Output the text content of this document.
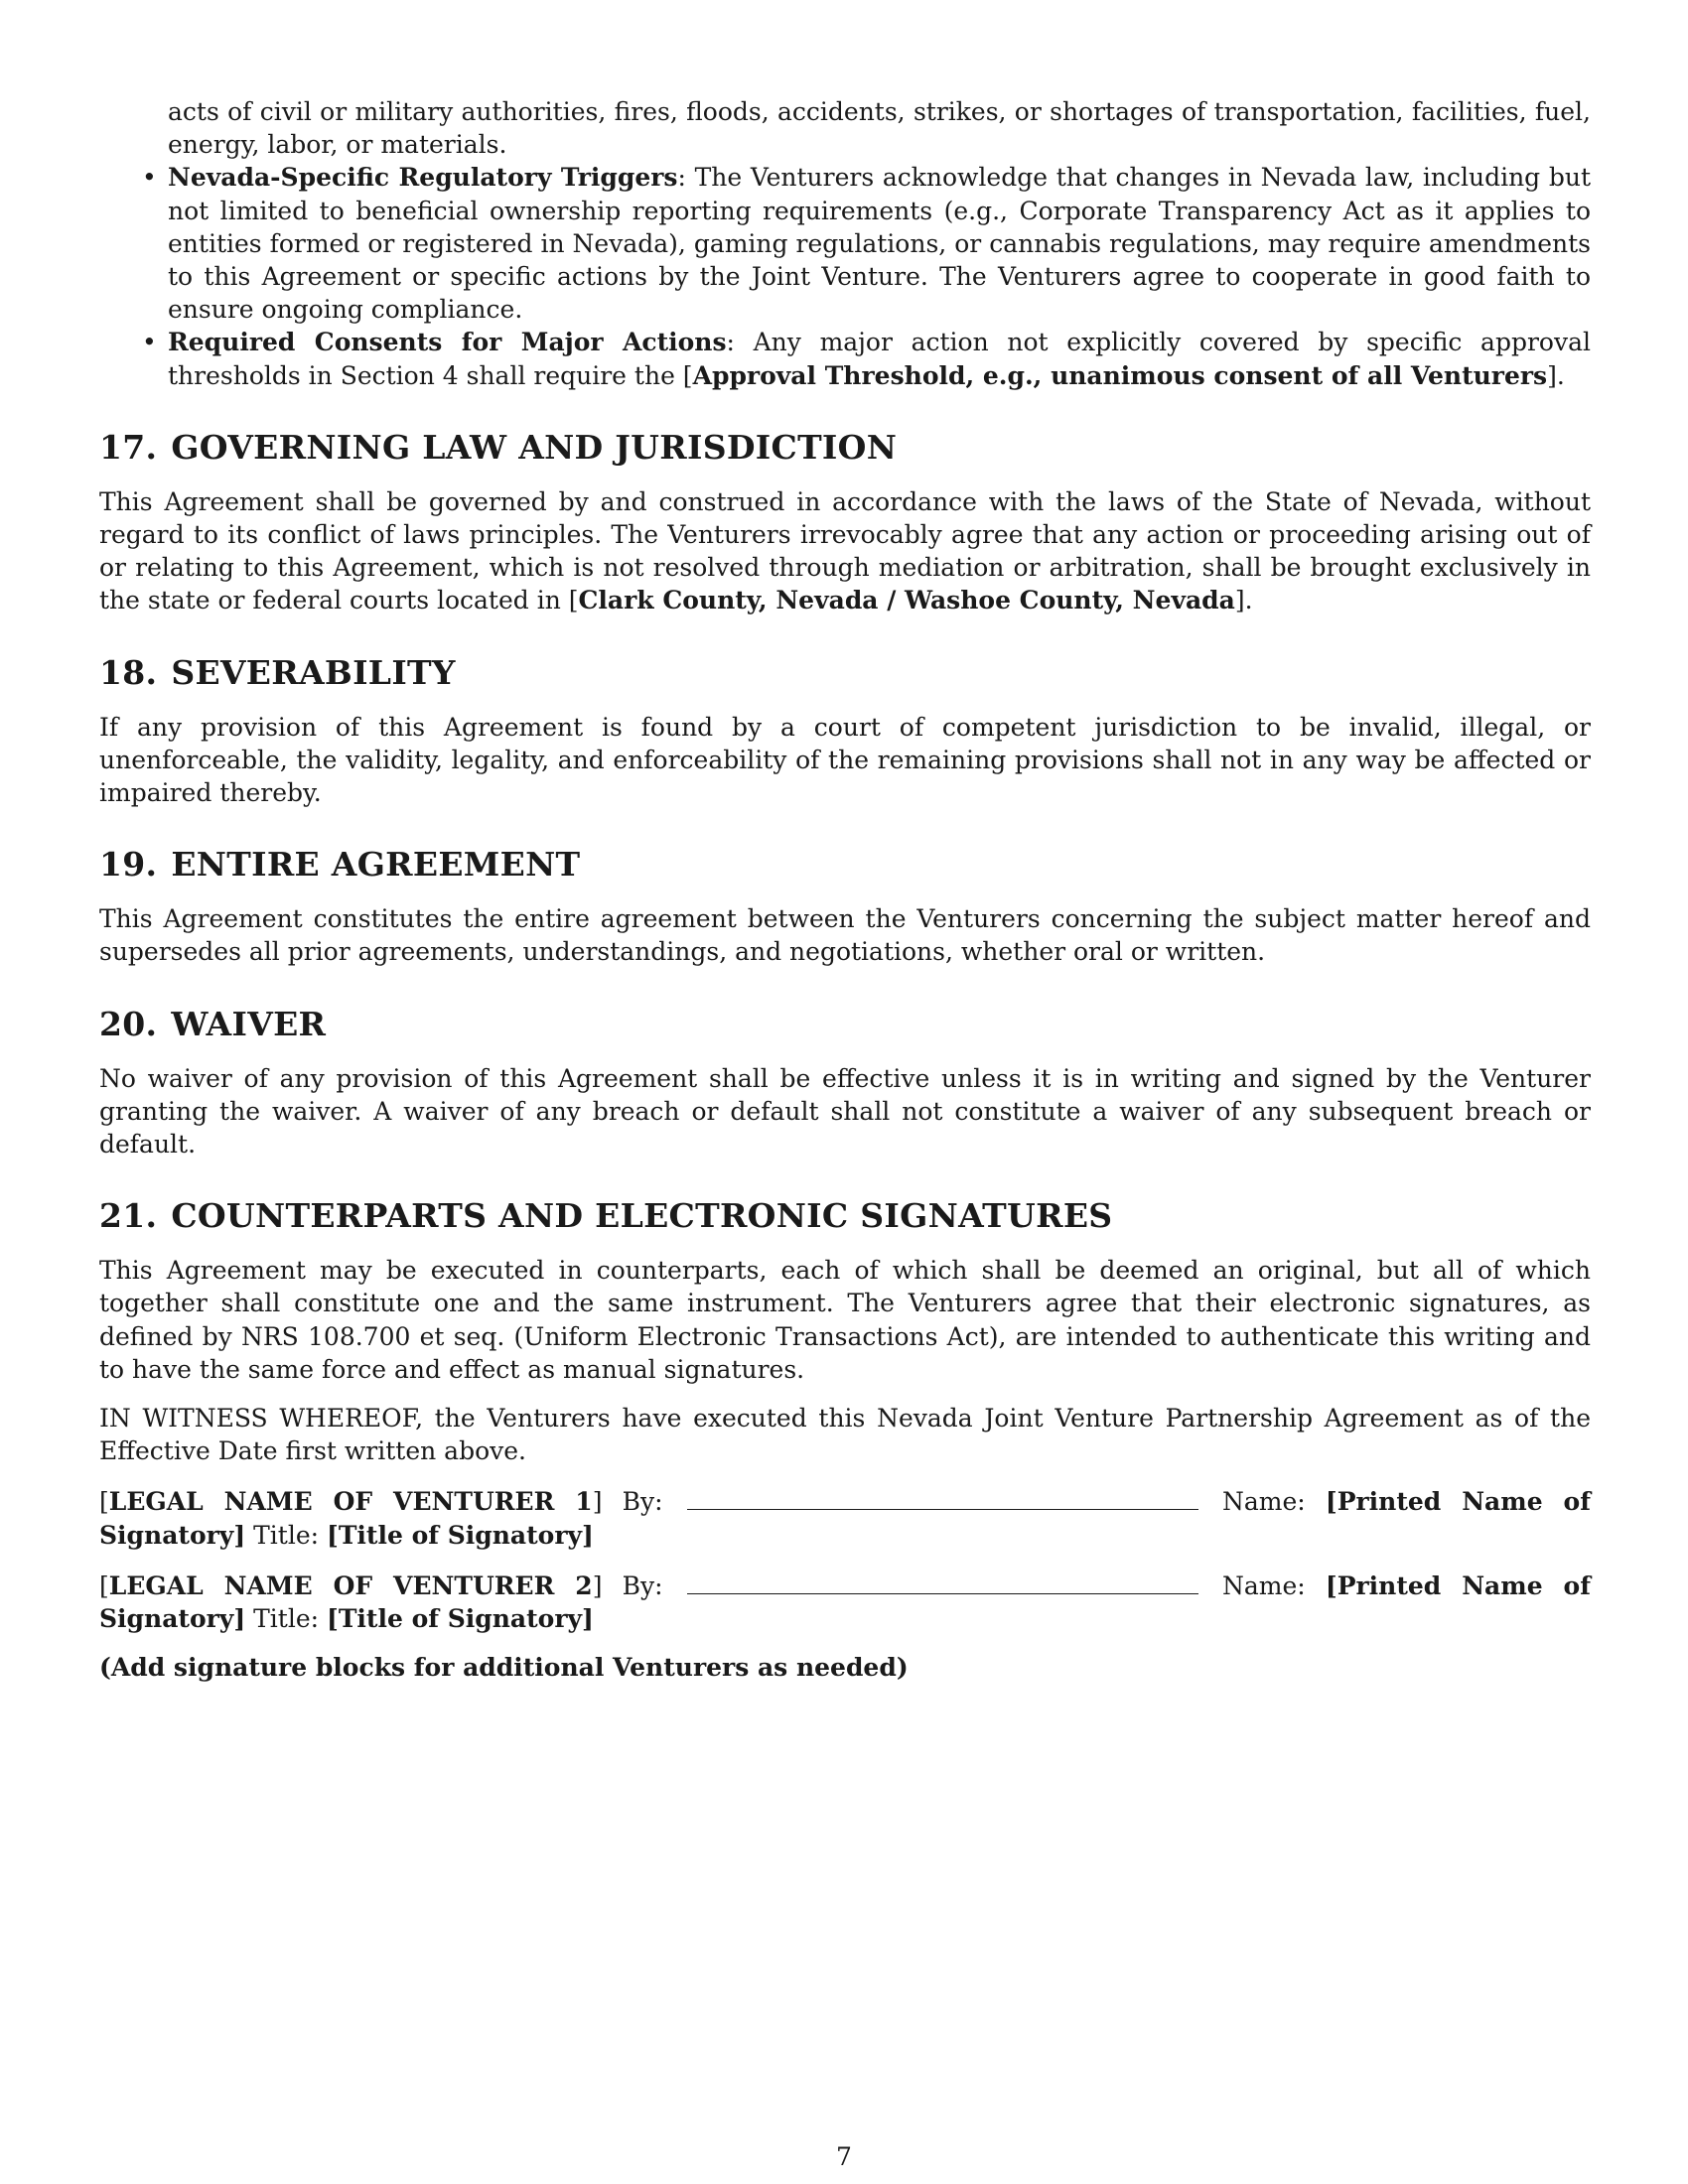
acts of civil or military authorities, fires, floods, accidents, strikes, or shortages of transportation, facilities, fuel, energy, labor, or materials.
• Nevada-Specific Regulatory Triggers: The Venturers acknowledge that changes in Nevada law, including but not limited to beneficial ownership reporting requirements (e.g., Corporate Transparency Act as it applies to entities formed or registered in Nevada), gaming regulations, or cannabis regulations, may require amendments to this Agreement or specific actions by the Joint Venture. The Venturers agree to cooperate in good faith to ensure ongoing compliance.
• Required Consents for Major Actions: Any major action not explicitly covered by specific approval thresholds in Section 4 shall require the [Approval Threshold, e.g., unanimous consent of all Venturers].
17. GOVERNING LAW AND JURISDICTION

This Agreement shall be governed by and construed in accordance with the laws of the State of Nevada, without regard to its conflict of laws principles. The Venturers irrevocably agree that any action or proceeding arising out of or relating to this Agreement, which is not resolved through mediation or arbitration, shall be brought exclusively in the state or federal courts located in [Clark County, Nevada / Washoe County, Nevada].

18. SEVERABILITY

If any provision of this Agreement is found by a court of competent jurisdiction to be invalid, illegal, or unenforceable, the validity, legality, and enforceability of the remaining provisions shall not in any way be affected or impaired thereby.

19. ENTIRE AGREEMENT

This Agreement constitutes the entire agreement between the Venturers concerning the subject matter hereof and supersedes all prior agreements, understandings, and negotiations, whether oral or written.

20. WAIVER

No waiver of any provision of this Agreement shall be effective unless it is in writing and signed by the Venturer granting the waiver. A waiver of any breach or default shall not constitute a waiver of any subsequent breach or default.

21. COUNTERPARTS AND ELECTRONIC SIGNATURES

This Agreement may be executed in counterparts, each of which shall be deemed an original, but all of which together shall constitute one and the same instrument. The Venturers agree that their electronic signatures, as defined by NRS 108.700 et seq. (Uniform Electronic Transactions Act), are intended to authenticate this writing and to have the same force and effect as manual signatures.

IN WITNESS WHEREOF, the Venturers have executed this Nevada Joint Venture Partnership Agreement as of the Effective Date first written above.

[LEGAL NAME OF VENTURER 1] By:	Name: [Printed Name of Signatory] Title: [Title of Signatory]
[LEGAL NAME OF VENTURER 2] By:	Name: [Printed Name of Signatory] Title: [Title of Signatory]
(Add signature blocks for additional Venturers as needed)
7
